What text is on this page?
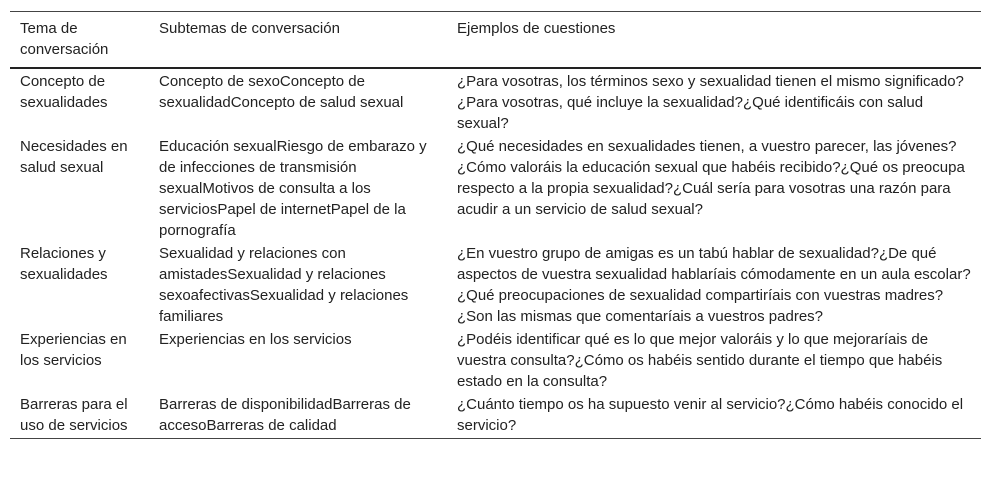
Tema de conversación	Subtemas de conversación	Ejemplos de cuestiones
Concepto de sexualidades	Concepto de sexoConcepto de sexualidadConcepto de salud sexual	¿Para vosotras, los términos sexo y sexualidad tienen el mismo significado?¿Para vosotras, qué incluye la sexualidad?¿Qué identificáis con salud sexual?
Necesidades en salud sexual	Educación sexualRiesgo de embarazo y de infecciones de transmisión sexualMotivos de consulta a los serviciosPapel de internetPapel de la pornografía	¿Qué necesidades en sexualidades tienen, a vuestro parecer, las jóvenes?¿Cómo valoráis la educación sexual que habéis recibido?¿Qué os preocupa respecto a la propia sexualidad?¿Cuál sería para vosotras una razón para acudir a un servicio de salud sexual?
Relaciones y sexualidades	Sexualidad y relaciones con amistadesSexualidad y relaciones sexoafectivasSexualidad y relaciones familiares	¿En vuestro grupo de amigas es un tabú hablar de sexualidad?¿De qué aspectos de vuestra sexualidad hablaríais cómodamente en un aula escolar?¿Qué preocupaciones de sexualidad compartiríais con vuestras madres? ¿Son las mismas que comentaríais a vuestros padres?
Experiencias en los servicios	Experiencias en los servicios	¿Podéis identificar qué es lo que mejor valoráis y lo que mejoraríais de vuestra consulta?¿Cómo os habéis sentido durante el tiempo que habéis estado en la consulta?
Barreras para el uso de servicios	Barreras de disponibilidadBarreras de accesoBarreras de calidad	¿Cuánto tiempo os ha supuesto venir al servicio?¿Cómo habéis conocido el servicio?
